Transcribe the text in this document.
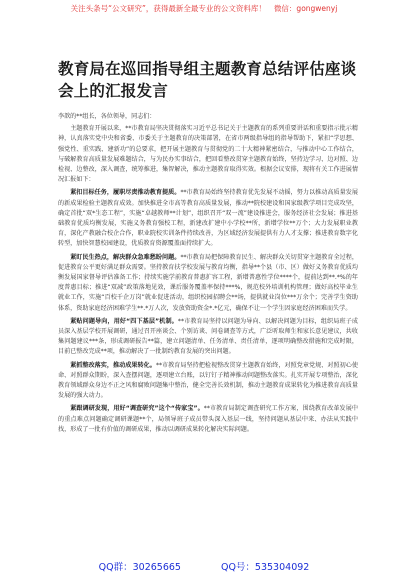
关注头条号“公文研究”，获得最新全最专业的公文资料库！ 微信：gongwenyj
教育局在巡回指导组主题教育总结评估座谈会上的汇报发言
李歆的**组长，各位领导，同志们：

主题教育开展以来，**市教育局坚决贯彻落实习近平总书记关于主题教育的系列重要讲话和重要指示批示精神，认真落实党中央和省委、市委关于主题教育的决策部署，在省市两级指导组的指导帮助下，紧扣“学思想、强党性、重实践、建新功”的总要求，把开展主题教育与贯彻党的二十大精神紧密结合，与推动中心工作结合，与破解教育高质量发展难题结合，与为民办实事结合，把回看整改贯穿主题教育始终，坚持边学习、边对照、边检视、边整改，深入调查，统筹推进，集智解决，推动主题教育取得实效。根据会议安排，现将有关工作进展情况汇报如下：

紧扣目标任务，履职尽责推动教育提质。**市教育局始终坚持教育优先发展不动摇，努力以推动高质量发展的新成果检验主题教育成效。加快推进全市高等教育高质量发展，推动**院校建设和国家级教学项目完成攻坚，确定首批“双*生态工程”，实施“卓越教师**计划”，组织召开“双一流”建设推进会，服务经济社会发展；推进基础教育优质均衡发展，实施义务教育强校工程，新建改扩建中小学校**所，新增学位**万个；大力发展职业教育，深化产教融合校企合作，职业院校实训条件持续改善，为区域经济发展提供有力人才支撑；推进教育数字化转型，加快智慧校园建设，优质教育资源覆盖面持续扩大。

紧盯民生热点，解决群众急难愁盼问题。**市教育局把保障教育民生、解决群众关切贯穿主题教育全过程，促进教育公平更好满足群众需要。坚持教育扶学校发展与教育均衡，指导**个县（市、区）做好义务教育优质均衡发展国家督导评估准备工作；持续实施学前教育普惠扩容工程，新增普惠性学位****个，提前达到**.*%的年度普惠目标；推进“双减”政策落地见效，课后服务覆盖率保持***%，规范校外培训机构管理；做好高校毕业生就业工作，实施“百校千企万岗”就业促进活动，组织校园招聘会**场，提供就业岗位***万余个；完善学生资助体系，资助家庭经济困难学生**.*万人次，发放资助资金*.*亿元，确保不让一个学生因家庭经济困难而失学。

紧贴问题导向，用好“四下基层”机制。**市教育局坚持以问题为导向、以解决问题为目标，组织局班子成员深入基层学校开展调研，通过召开座谈会、个别访谈、问卷调查等方式，广泛听取师生和家长意见建议，共收集问题建议***条，形成调研报告**篇，建立问题清单、任务清单、责任清单，逐项明确整改措施和完成时限，目前已整改完成**项，推动解决了一批制约教育发展的突出问题。

紧抓整改落实，推动成果转化。**市教育局坚持把检视整改贯穿主题教育始终，对照党章党规、对照初心使命、对照群众期盼，深入查摆问题，逐项建立台账，以钉钉子精神推动问题整改落实。扎实开展专项整治，深化教育领域群众身边不正之风和腐败问题集中整治，健全完善长效机制，推动主题教育成果转化为推进教育高质量发展的强大动力。

紧跟调研发现，用好“调查研究”这个“传家宝”。**市教育局制定调查研究工作方案，围绕教育改革发展中的重点难点问题确定调研课题**个，局领导班子成员带头深入基层一线，坚持问题从基层中来、办法从实践中找，形成了一批有价值的调研成果，推动以调研成果转化解决实际问题。

QQ群：30265665	QQ号：535304092
